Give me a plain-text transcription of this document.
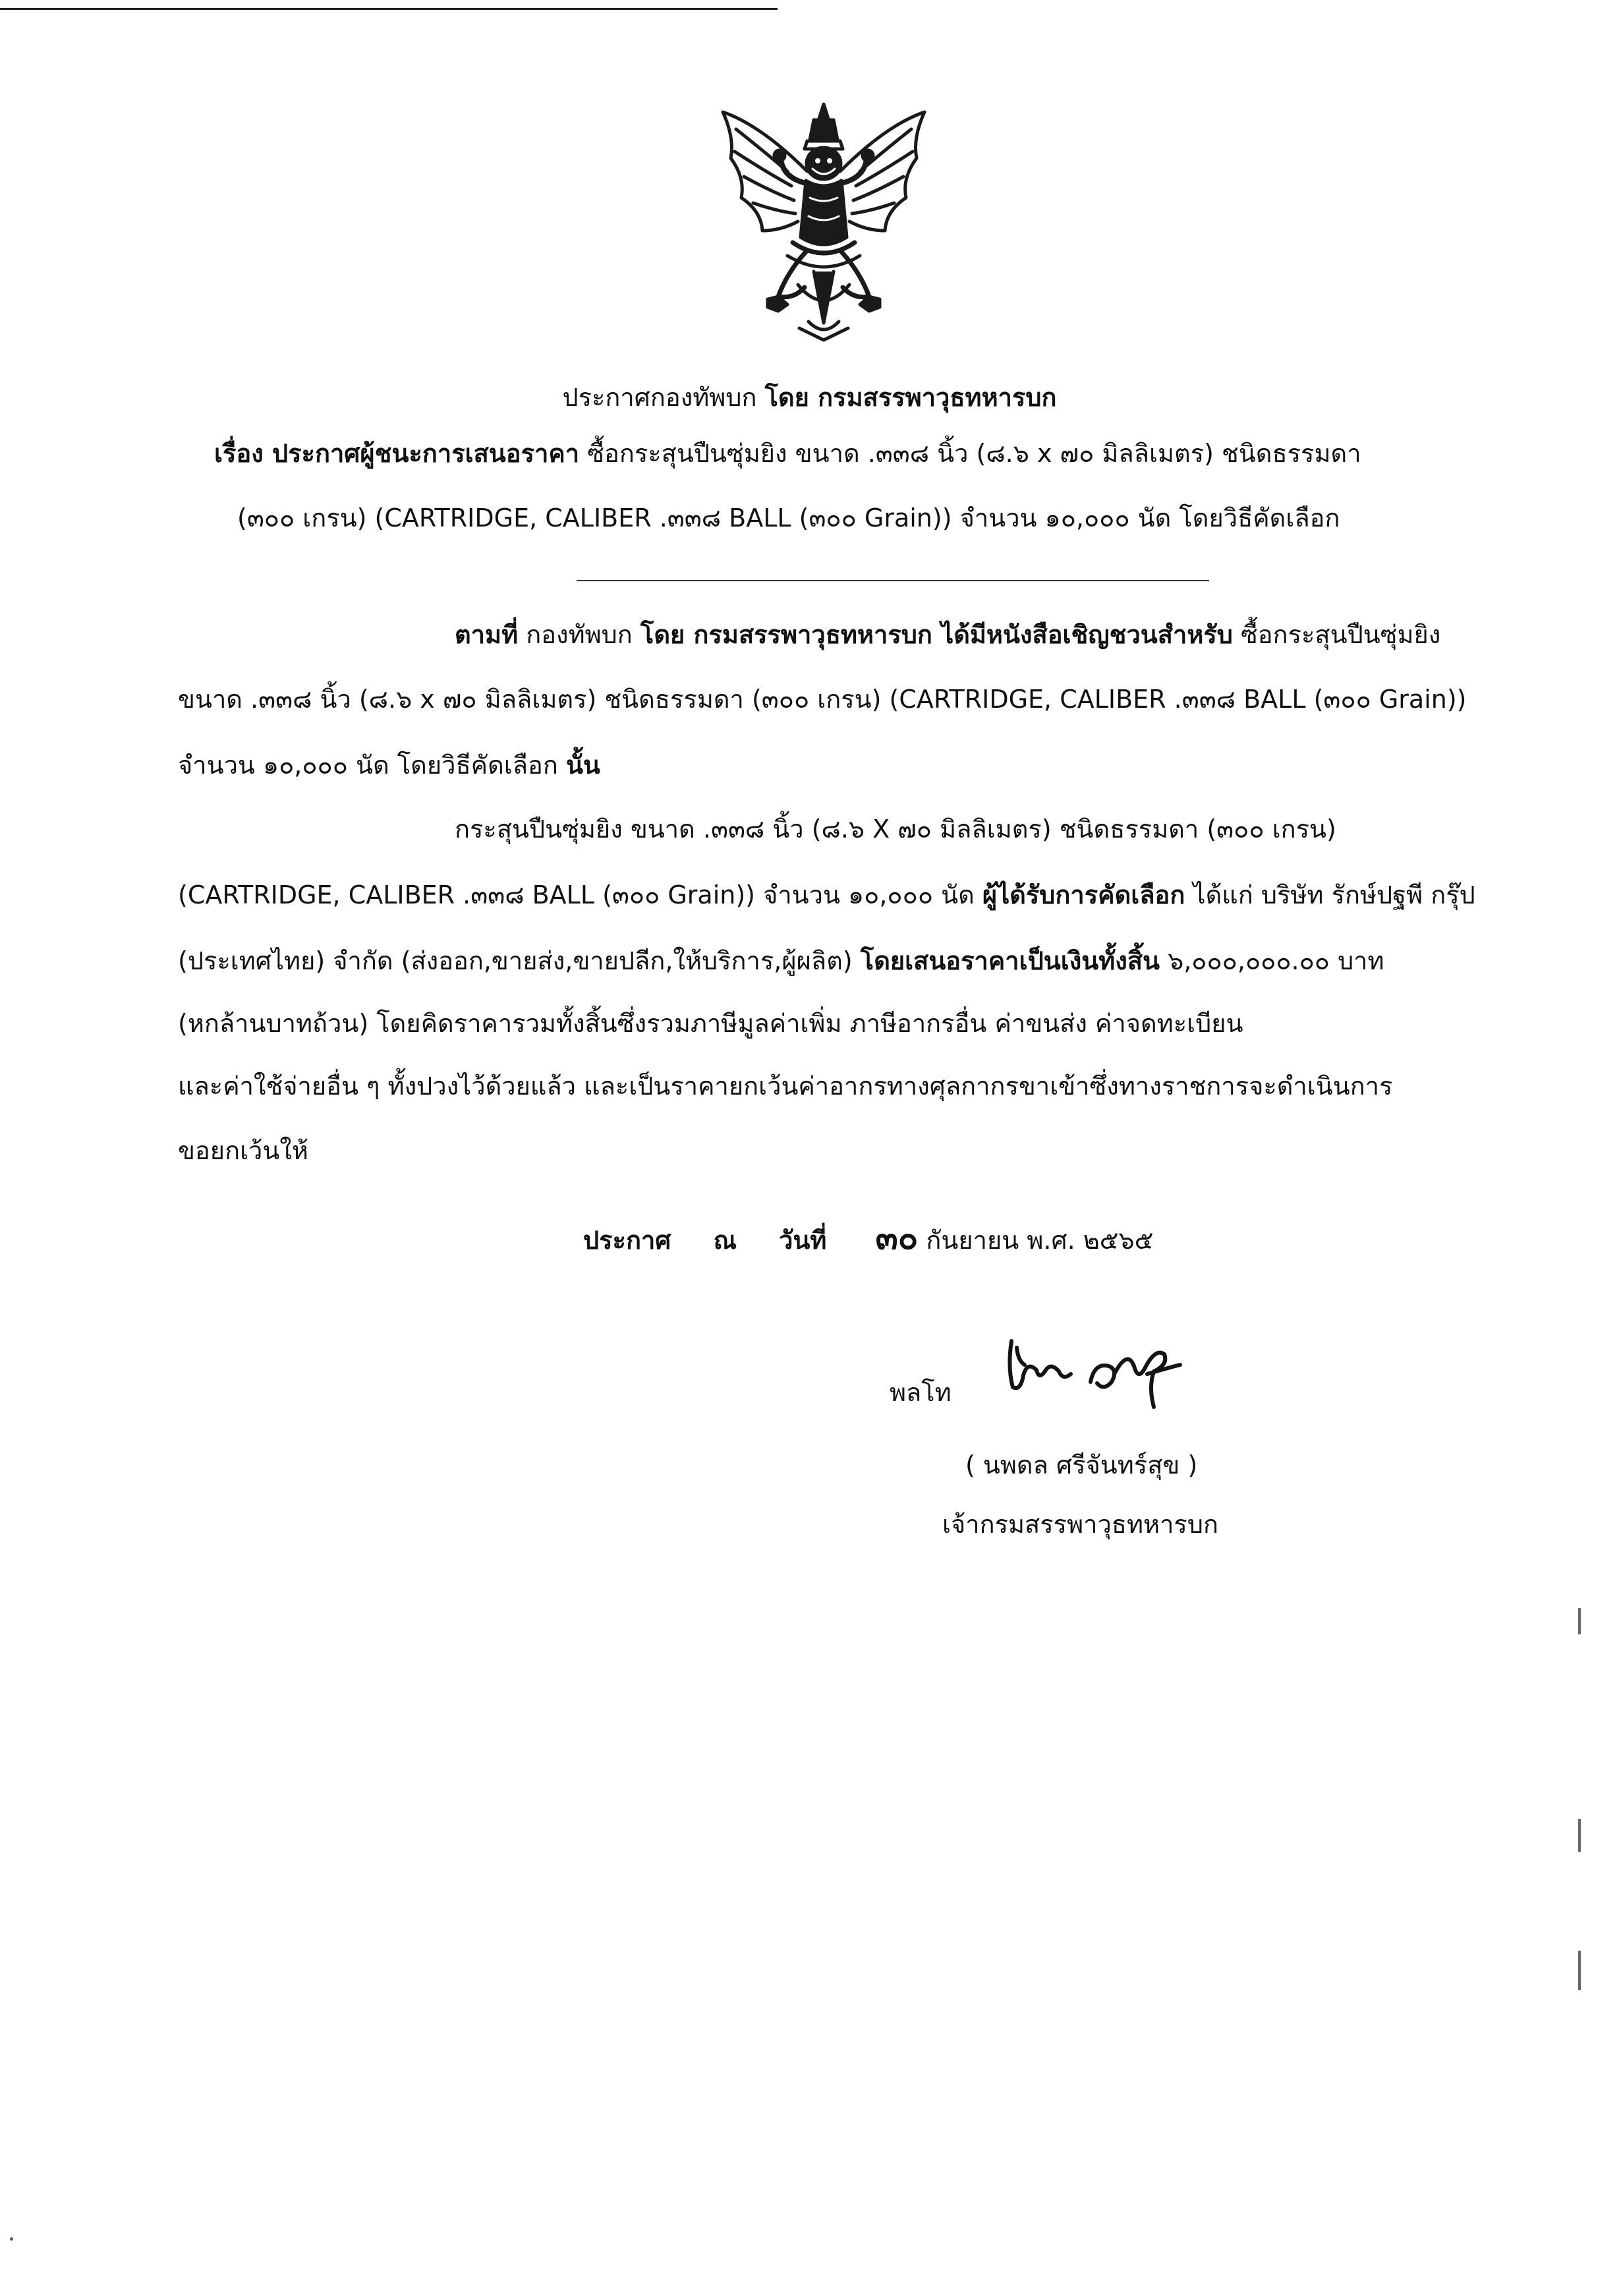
ประกาศกองทัพบก โดย กรมสรรพาวุธทหารบก
เรื่อง ประกาศผู้ชนะการเสนอราคา ซื้อกระสุนปืนซุ่มยิง ขนาด .๓๓๘ นิ้ว (๘.๖ x ๗๐ มิลลิเมตร) ชนิดธรรมดา
(๓๐๐ เกรน) (CARTRIDGE, CALIBER .๓๓๘ BALL (๓๐๐ Grain)) จำนวน ๑๐,๐๐๐ นัด โดยวิธีคัดเลือก
ตามที่ กองทัพบก โดย กรมสรรพาวุธทหารบก ได้มีหนังสือเชิญชวนสำหรับ ซื้อกระสุนปืนซุ่มยิง
ขนาด .๓๓๘ นิ้ว (๘.๖ x ๗๐ มิลลิเมตร) ชนิดธรรมดา (๓๐๐ เกรน) (CARTRIDGE, CALIBER .๓๓๘ BALL (๓๐๐ Grain))
จำนวน ๑๐,๐๐๐ นัด โดยวิธีคัดเลือก นั้น
กระสุนปืนซุ่มยิง ขนาด .๓๓๘ นิ้ว (๘.๖ X ๗๐ มิลลิเมตร) ชนิดธรรมดา (๓๐๐ เกรน)
(CARTRIDGE, CALIBER .๓๓๘ BALL (๓๐๐ Grain)) จำนวน ๑๐,๐๐๐ นัด ผู้ได้รับการคัดเลือก ได้แก่ บริษัท รักษ์ปฐพี กรุ๊ป
(ประเทศไทย) จำกัด (ส่งออก,ขายส่ง,ขายปลีก,ให้บริการ,ผู้ผลิต) โดยเสนอราคาเป็นเงินทั้งสิ้น ๖,๐๐๐,๐๐๐.๐๐ บาท
(หกล้านบาทถ้วน) โดยคิดราคารวมทั้งสิ้นซึ่งรวมภาษีมูลค่าเพิ่ม ภาษีอากรอื่น ค่าขนส่ง ค่าจดทะเบียน
และค่าใช้จ่ายอื่น ๆ ทั้งปวงไว้ด้วยแล้ว และเป็นราคายกเว้นค่าอากรทางศุลกากรขาเข้าซึ่งทางราชการจะดำเนินการ
ขอยกเว้นให้
ประกาศ ณ วันที่ ๓๐ กันยายน พ.ศ. ๒๕๖๕
พลโท
( นพดล ศรีจันทร์สุข )
เจ้ากรมสรรพาวุธทหารบก
